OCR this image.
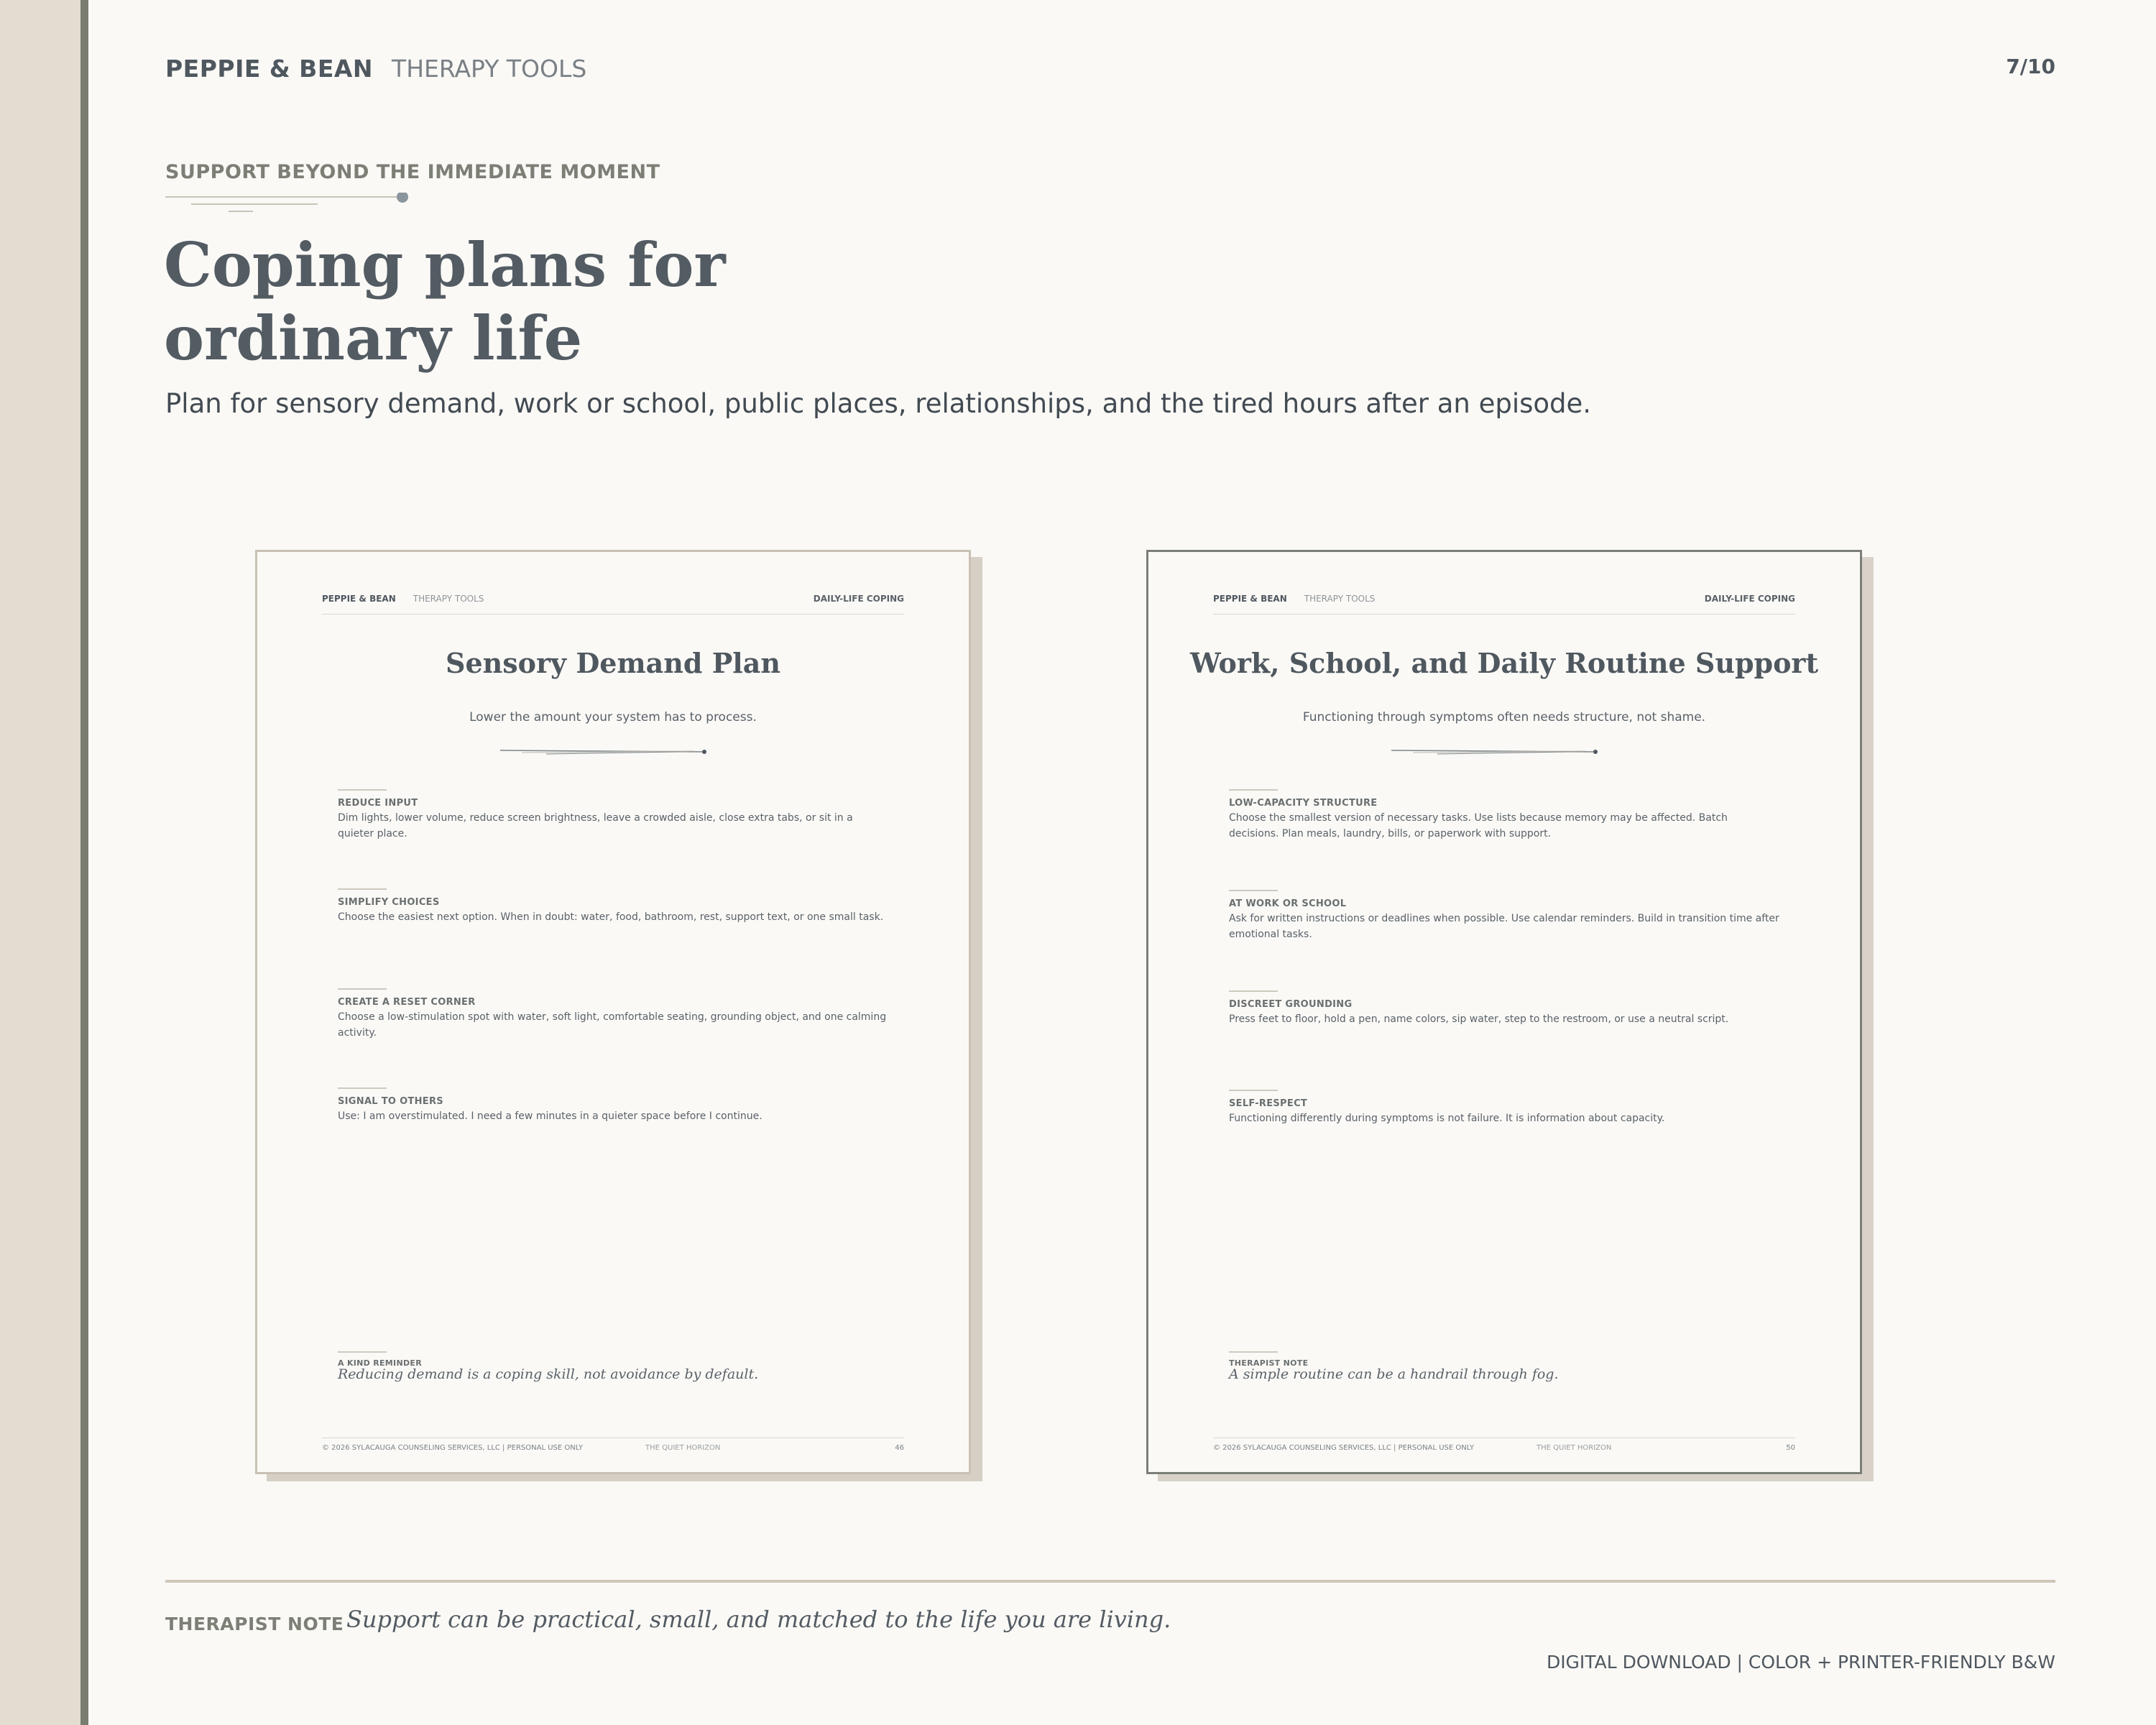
PEPPIE & BEAN THERAPY TOOLS	7/10
SUPPORT BEYOND THE IMMEDIATE MOMENT
Coping plans for
ordinary life
Plan for sensory demand, work or school, public places, relationships, and the tired hours after an episode.
PEPPIE & BEAN THERAPY TOOLS	DAILY-LIFE COPING
Sensory Demand Plan
Lower the amount your system has to process.
REDUCE INPUT
Dim lights, lower volume, reduce screen brightness, leave a crowded aisle, close extra tabs, or sit in a quieter place.
SIMPLIFY CHOICES
Choose the easiest next option. When in doubt: water, food, bathroom, rest, support text, or one small task.
CREATE A RESET CORNER
Choose a low-stimulation spot with water, soft light, comfortable seating, grounding object, and one calming activity.
SIGNAL TO OTHERS
Use: I am overstimulated. I need a few minutes in a quieter space before I continue.
A KIND REMINDER
Reducing demand is a coping skill, not avoidance by default.
© 2026 SYLACAUGA COUNSELING SERVICES, LLC | PERSONAL USE ONLY	THE QUIET HORIZON	46
PEPPIE & BEAN THERAPY TOOLS	DAILY-LIFE COPING
Work, School, and Daily Routine Support
Functioning through symptoms often needs structure, not shame.
LOW-CAPACITY STRUCTURE
Choose the smallest version of necessary tasks. Use lists because memory may be affected. Batch decisions. Plan meals, laundry, bills, or paperwork with support.
AT WORK OR SCHOOL
Ask for written instructions or deadlines when possible. Use calendar reminders. Build in transition time after emotional tasks.
DISCREET GROUNDING
Press feet to floor, hold a pen, name colors, sip water, step to the restroom, or use a neutral script.
SELF-RESPECT
Functioning differently during symptoms is not failure. It is information about capacity.
THERAPIST NOTE
A simple routine can be a handrail through fog.
© 2026 SYLACAUGA COUNSELING SERVICES, LLC | PERSONAL USE ONLY	THE QUIET HORIZON	50
THERAPIST NOTE Support can be practical, small, and matched to the life you are living.
DIGITAL DOWNLOAD | COLOR + PRINTER-FRIENDLY B&W
